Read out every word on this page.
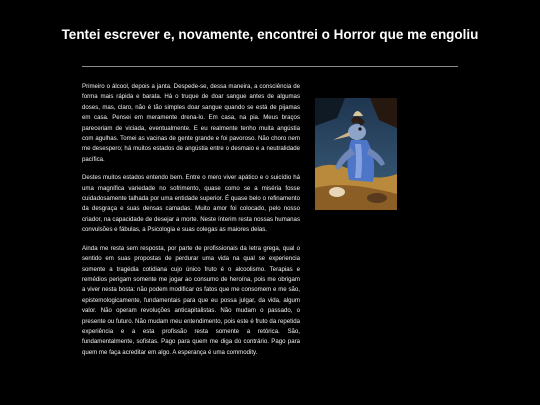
Tentei escrever e, novamente, encontrei o Horror que me engoliu

Primeiro o álcool, depois a janta. Despede-se, dessa maneira, a consciência de forma mais rápida e barata. Há o truque de doar sangue antes de algumas doses, mas, claro, não é tão simples doar sangue quando se está de pijamas em casa. Pensei em meramente drena-lo. Em casa, na pia. Meus braços pareceriam de viciada, eventualmente. E eu realmente tenho muita angústia com agulhas. Tomei as vacinas de gente grande e foi pavoroso. Não choro nem me desespero; há muitos estados de angústia entre o desmaio e a neutralidade pacífica.

Destes muitos estados entendo bem. Entre o mero viver apático e o suicídio há uma magnífica variedade no sofrimento, quase como se a miséria fosse cuidadosamente talhada por uma entidade superior. É quase belo o refinamento da desgraça e suas densas camadas. Muito amor foi colocado, pelo nosso criador, na capacidade de desejar a morte. Neste ínterim resta nossas humanas convulsões e fábulas, a Psicologia e suas colegas as maiores delas.

Ainda me resta sem resposta, por parte de profissionais da letra grega, qual o sentido em suas propostas de perdurar uma vida na qual se experiencia somente a tragédia cotidiana cujo único fruto é o alcoolismo. Terapias e remédios perigam somente me jogar ao consumo de heroína, pois me obrigam a viver nesta bosta: não podem modificar os fatos que me consomem e me são, epistemologicamente, fundamentais para que eu possa julgar, da vida, algum valor. Não operam revoluções anticapitalistas. Não mudam o passado, o presente ou futuro. Não mudam meu entendimento, pois este é fruto da repetida experiência e a esta profissão resta somente a retórica. São, fundamentalmente, sofistas. Pago para quem me diga do contrário. Pago para quem me faça acreditar em algo. A esperança é uma commodity.
